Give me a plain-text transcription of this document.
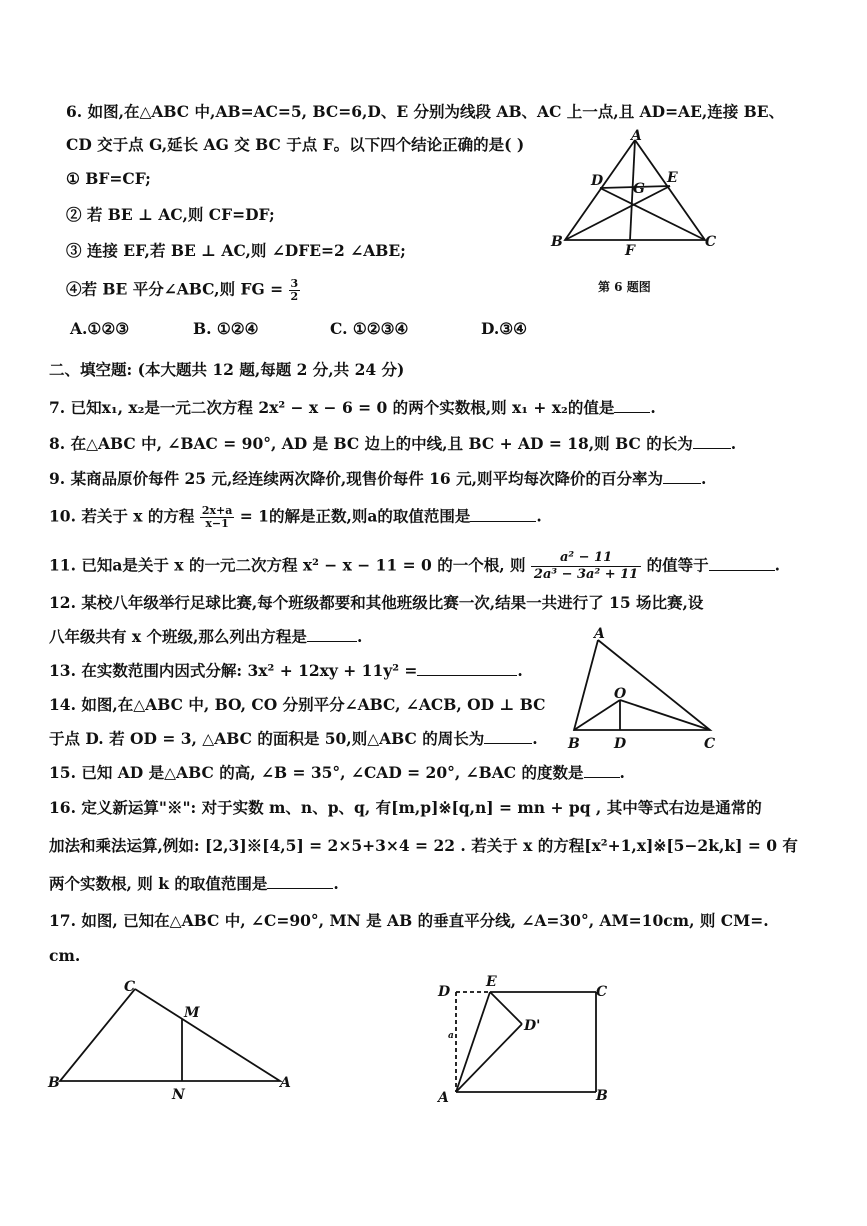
6. 如图,在△ABC 中,AB=AC=5, BC=6,D、E 分别为线段 AB、AC 上一点,且 AD=AE,连接 BE、
CD 交于点 G,延长 AG 交 BC 于点 F。以下四个结论正确的是( )
① BF=CF;
② 若 BE ⊥ AC,则 CF=DF;
③ 连接 EF,若 BE ⊥ AC,则 ∠DFE=2 ∠ABE;
④若 BE 平分∠ABC,则 FG = $\frac{3}{2}$
A.①②③	B. ①②④	C. ①②③④	D.③④
A
D	E
G
B
F
C
第 6 题图
二、填空题: (本大题共 12 题,每题 2 分,共 24 分)
7. 已知x₁, x₂是一元二次方程 2x² − x − 6 = 0 的两个实数根,则 x₁ + x₂的值是 .
8. 在△ABC 中, ∠BAC = 90°, AD 是 BC 边上的中线,且 BC + AD = 18,则 BC 的长为 .
9. 某商品原价每件 25 元,经连续两次降价,现售价每件 16 元,则平均每次降价的百分率为 .
10. 若关于 x 的方程 $\frac{2x+a}{x-1} = 1$的解是正数,则a的取值范围是	.
11. 已知a是关于 x 的一元二次方程 x² − x − 11 = 0 的一个根, 则 $\frac{\text{a² − 11}}{\text{2a³ − 3a² + 11}}$ 的值等于	.
12. 某校八年级举行足球比赛,每个班级都要和其他班级比赛一次,结果一共进行了 15 场比赛,设
八年级共有 x 个班级,那么列出方程是	.
13. 在实数范围内因式分解: 3x² + 12xy + 11y² =	.
14. 如图,在△ABC 中, BO, CO 分别平分∠ABC, ∠ACB, OD ⊥ BC
于点 D. 若 OD = 3, △ABC 的面积是 50,则△ABC 的周长为	.
A
O
B D	C
15. 已知 AD 是△ABC 的高, ∠B = 35°, ∠CAD = 20°, ∠BAC 的度数是 .
16. 定义新运算"※": 对于实数 m、n、p、q, 有[m,p]※[q,n] = mn + pq , 其中等式右边是通常的
加法和乘法运算,例如: [2,3]※[4,5] = 2×5+3×4 = 22 . 若关于 x 的方程[x²+1,x]※[5−2k,k] = 0 有
两个实数根, 则 k 的取值范围是	.
17. 如图, 已知在△ABC 中, ∠C=90°, MN 是 AB 的垂直平分线, ∠A=30°, AM=10cm, 则 CM=.
cm.
C
M
B
N
A
D
E
C
D'
A	B
a
